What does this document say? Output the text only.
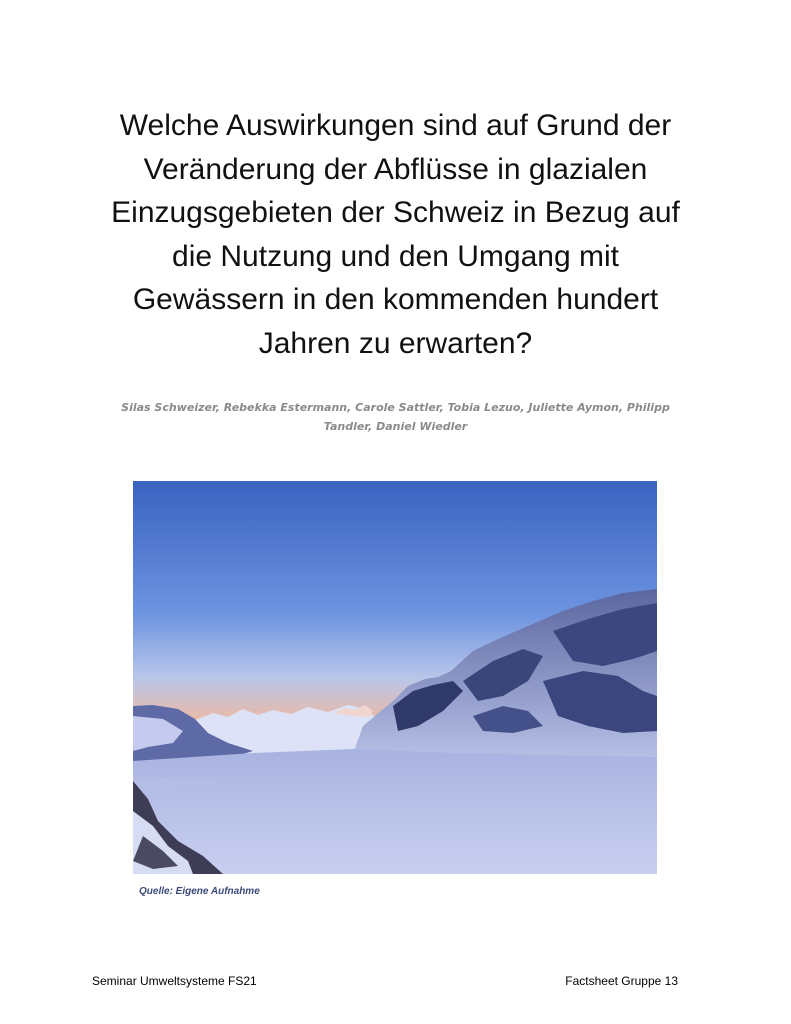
Welche Auswirkungen sind auf Grund der
Veränderung der Abflüsse in glazialen
Einzugsgebieten der Schweiz in Bezug auf
die Nutzung und den Umgang mit
Gewässern in den kommenden hundert
Jahren zu erwarten?
Silas Schweizer, Rebekka Estermann, Carole Sattler, Tobia Lezuo, Juliette Aymon, Philipp
Tandler, Daniel Wiedler
Quelle: Eigene Aufnahme
Seminar Umweltsysteme FS21	Factsheet Gruppe 13
